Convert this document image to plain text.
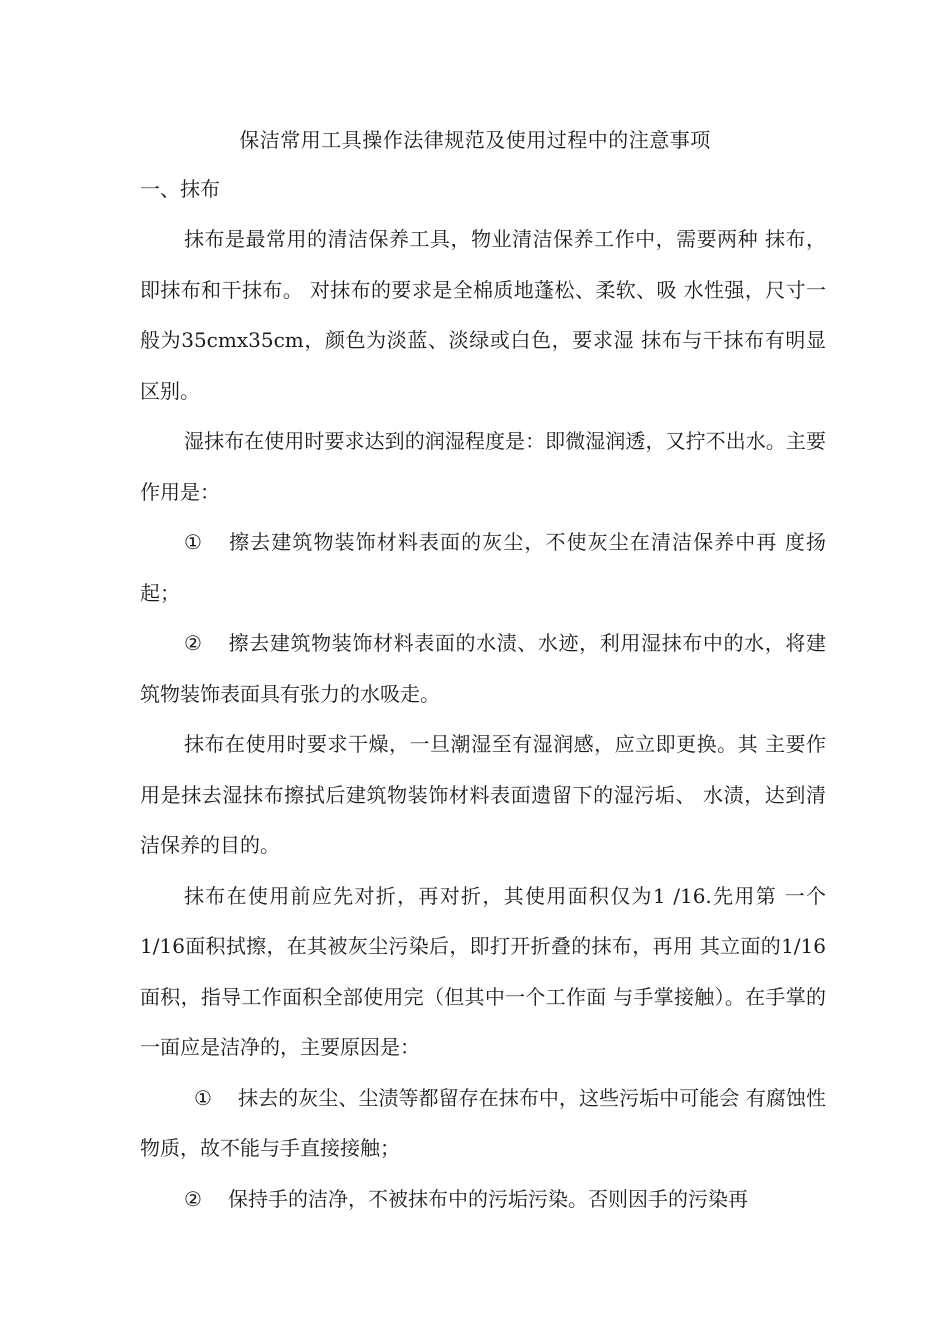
保洁常用工具操作法律规范及使用过程中的注意事项
一、抹布

抹布是最常用的清洁保养工具，物业清洁保养工作中，需要两种 抹布，即抹布和干抹布。 对抹布的要求是全棉质地蓬松、柔软、吸 水性强，尺寸一般为35cmx35cm，颜色为淡蓝、淡绿或白色，要求湿 抹布与干抹布有明显区别。

湿抹布在使用时要求达到的润湿程度是：即微湿润透，又拧不出水。主要作用是：

① 擦去建筑物装饰材料表面的灰尘，不使灰尘在清洁保养中再 度扬起；

② 擦去建筑物装饰材料表面的水渍、水迹，利用湿抹布中的水，将建筑物装饰表面具有张力的水吸走。

抹布在使用时要求干燥，一旦潮湿至有湿润感，应立即更换。其 主要作用是抹去湿抹布擦拭后建筑物装饰材料表面遗留下的湿污垢、 水渍，达到清洁保养的目的。

抹布在使用前应先对折，再对折，其使用面积仅为1 /16.先用第 一个1/16面积拭擦，在其被灰尘污染后，即打开折叠的抹布，再用 其立面的1/16面积，指导工作面积全部使用完（但其中一个工作面 与手掌接触）。在手掌的一面应是洁净的，主要原因是：

① 抹去的灰尘、尘渍等都留存在抹布中，这些污垢中可能会 有腐蚀性物质，故不能与手直接接触；

② 保持手的洁净，不被抹布中的污垢污染。否则因手的污染再
